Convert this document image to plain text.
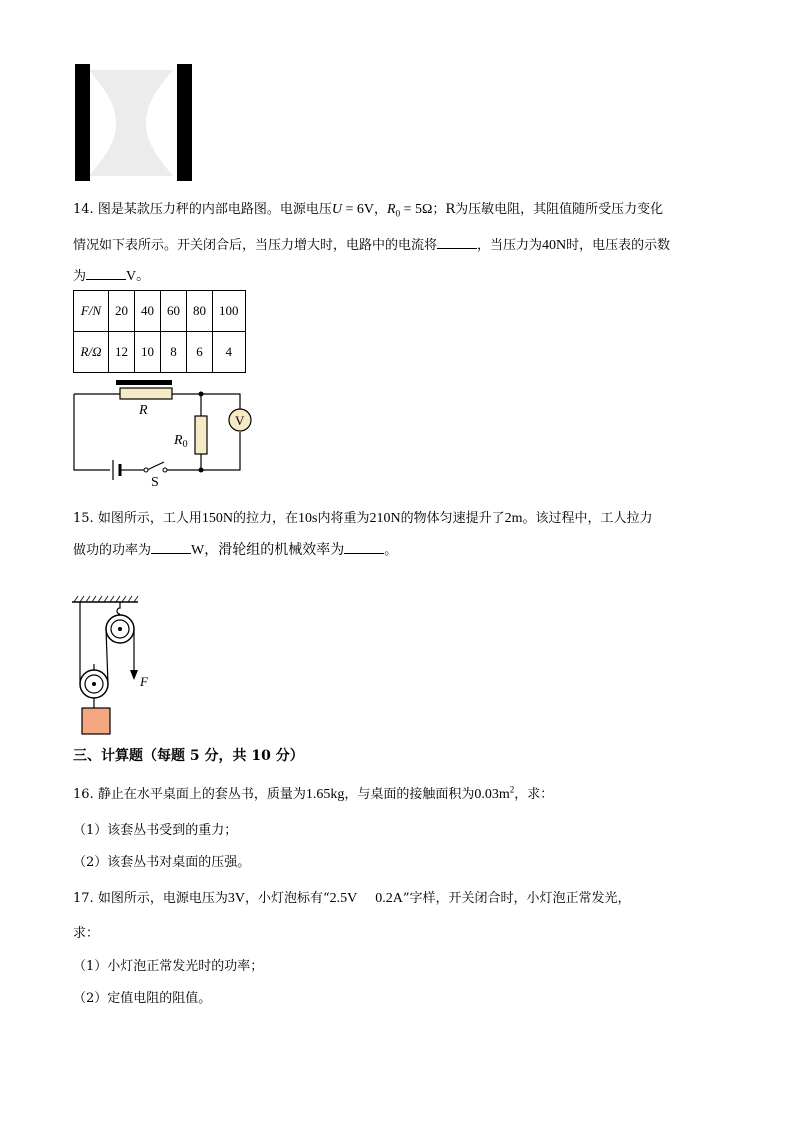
14. 图是某款压力秤的内部电路图。电源电压U = 6V，$R_0 = 5\Omega$；R为压敏电阻，其阻值随所受压力变化
情况如下表所示。开关闭合后，当压力增大时，电路中的电流将	，当压力为40N时，电压表的示数
为	V。
F/N	20	40	60	80	100
R/Ω	12	10	8	6	4
R
$R_0$
V
S
15. 如图所示，工人用150N的拉力，在10s内将重为210N的物体匀速提升了2m。该过程中，工人拉力
做功的功率为	W，滑轮组的机械效率为	。
F
三、计算题（每题 5 分，共 10 分）
16. 静止在水平桌面上的套丛书，质量为1.65kg，与桌面的接触面积为$0.03m^2$，求：
（1）该套丛书受到的重力；
（2）该套丛书对桌面的压强。
17. 如图所示，电源电压为3V，小灯泡标有“2.5V 0.2A”字样，开关闭合时，小灯泡正常发光，
求：
（1）小灯泡正常发光时的功率；
（2）定值电阻的阻值。
